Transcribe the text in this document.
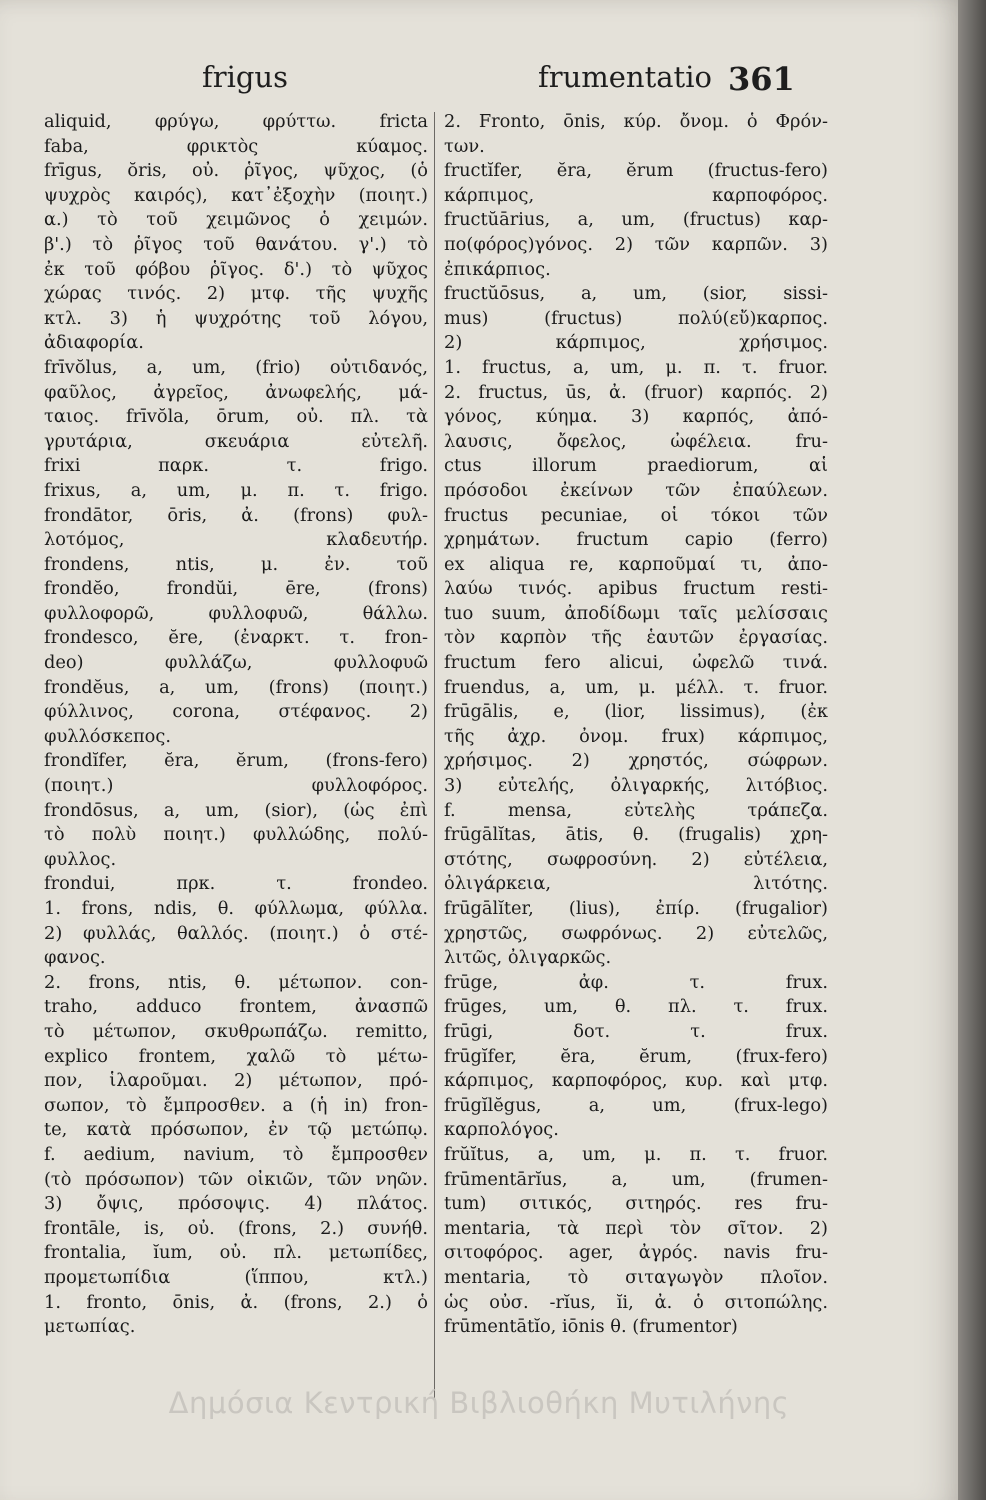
frigus	frumentatio 361
aliquid, φρύγω, φρύττω. fricta
faba, φρικτὸς κύαμος.
frīgus, ŏris, οὐ. ῥῖγος, ψῦχος, (ὁ
ψυχρὸς καιρός), κατ᾿ἐξοχὴν (ποιητ.)
α.) τὸ τοῦ χειμῶνος ὁ χειμών.
β'.) τὸ ῥῖγος τοῦ θανάτου. γ'.) τὸ
ἐκ τοῦ φόβου ῥῖγος. δ'.) τὸ ψῦχος
χώρας τινός. 2) μτφ. τῆς ψυχῆς
κτλ. 3) ἡ ψυχρότης τοῦ λόγου,
ἀδιαφορία.
frīvŏlus, a, um, (frio) οὐτιδανός,
φαῦλος, ἀγρεῖος, ἀνωφελής, μά-
ταιος. frīvŏla, ōrum, οὐ. πλ. τὰ
γρυτάρια, σκευάρια εὐτελῆ.
frixi παρκ. τ. frigo.
frixus, a, um, μ. π. τ. frigo.
frondātor, ōris, ἀ. (frons) φυλ-
λοτόμος, κλαδευτήρ.
frondens, ntis, μ. ἐν. τοῦ
frondĕo, frondŭi, ēre, (frons)
φυλλοφορῶ, φυλλοφυῶ, θάλλω.
frondesco, ĕre, (ἐναρκτ. τ. fron-
deo) φυλλάζω, φυλλοφυῶ
frondĕus, a, um, (frons) (ποιητ.)
φύλλινος, corona, στέφανος. 2)
φυλλόσκεπος.
frondĭfer, ĕra, ĕrum, (frons-fero)
(ποιητ.) φυλλοφόρος.
frondōsus, a, um, (sior), (ὡς ἐπὶ
τὸ πολὺ ποιητ.) φυλλώδης, πολύ-
φυλλος.
frondui, πρκ. τ. frondeo.
1. frons, ndis, θ. φύλλωμα, φύλλα.
2) φυλλάς, θαλλός. (ποιητ.) ὁ στέ-
φανος.
2. frons, ntis, θ. μέτωπον. con-
traho, adduco frontem, ἀνασπῶ
τὸ μέτωπον, σκυθρωπάζω. remitto,
explico frontem, χαλῶ τὸ μέτω-
πον, ἱλαροῦμαι. 2) μέτωπον, πρό-
σωπον, τὸ ἔμπροσθεν. a (ἡ in) fron-
te, κατὰ πρόσωπον, ἐν τῷ μετώπῳ.
f. aedium, navium, τὸ ἔμπροσθεν
(τὸ πρόσωπον) τῶν οἰκιῶν, τῶν νηῶν.
3) ὄψις, πρόσοψις. 4) πλάτος.
frontāle, is, οὐ. (frons, 2.) συνήθ.
frontalia, ĭum, οὐ. πλ. μετωπίδες,
προμετωπίδια (ἵππου, κτλ.)
1. fronto, ōnis, ἀ. (frons, 2.) ὁ
μετωπίας.
2. Fronto, ōnis, κύρ. ὄνομ. ὁ Φρόν-
των.
fructĭfer, ĕra, ĕrum (fructus-fero)
κάρπιμος, καρποφόρος.
fructŭārius, a, um, (fructus) καρ-
πο(φόρος)γόνος. 2) τῶν καρπῶν. 3)
ἐπικάρπιος.
fructŭōsus, a, um, (sior, sissi-
mus) (fructus) πολύ(εὔ)καρπος.
2) κάρπιμος, χρήσιμος.
1. fructus, a, um, μ. π. τ. fruor.
2. fructus, ūs, ἀ. (fruor) καρπός. 2)
γόνος, κύημα. 3) καρπός, ἀπό-
λαυσις, ὄφελος, ὠφέλεια. fru-
ctus illorum praediorum, αἱ
πρόσοδοι ἐκείνων τῶν ἐπαύλεων.
fructus pecuniae, οἱ τόκοι τῶν
χρημάτων. fructum capio (ferro)
ex aliqua re, καρποῦμαί τι, ἀπο-
λαύω τινός. apibus fructum resti-
tuo suum, ἀποδίδωμι ταῖς μελίσσαις
τὸν καρπὸν τῆς ἑαυτῶν ἐργασίας.
fructum fero alicui, ὠφελῶ τινά.
fruendus, a, um, μ. μέλλ. τ. fruor.
frūgālis, e, (lior, lissimus), (ἐκ
τῆς ἀχρ. ὀνομ. frux) κάρπιμος,
χρήσιμος. 2) χρηστός, σώφρων.
3) εὐτελής, ὀλιγαρκής, λιτόβιος.
f. mensa, εὐτελὴς τράπεζα.
frūgālĭtas, ātis, θ. (frugalis) χρη-
στότης, σωφροσύνη. 2) εὐτέλεια,
ὀλιγάρκεια, λιτότης.
frūgālĭter, (lius), ἐπίρ. (frugalior)
χρηστῶς, σωφρόνως. 2) εὐτελῶς,
λιτῶς, ὀλιγαρκῶς.
frūge, ἀφ. τ. frux.
frūges, um, θ. πλ. τ. frux.
frūgi, δοτ. τ. frux.
frūgĭfer, ĕra, ĕrum, (frux-fero)
κάρπιμος, καρποφόρος, κυρ. καὶ μτφ.
frūgĭlĕgus, a, um, (frux-lego)
καρπολόγος.
frŭĭtus, a, um, μ. π. τ. fruor.
frūmentārĭus, a, um, (frumen-
tum) σιτικός, σιτηρός. res fru-
mentaria, τὰ περὶ τὸν σῖτον. 2)
σιτοφόρος. ager, ἀγρός. navis fru-
mentaria, τὸ σιταγωγὸν πλοῖον.
ὡς οὐσ. -rĭus, ĭi, ἀ. ὁ σιτοπώλης.
frūmentātĭo, iōnis θ. (frumentor)
Δημόσια Κεντρική Βιβλιοθήκη Μυτιλήνης
